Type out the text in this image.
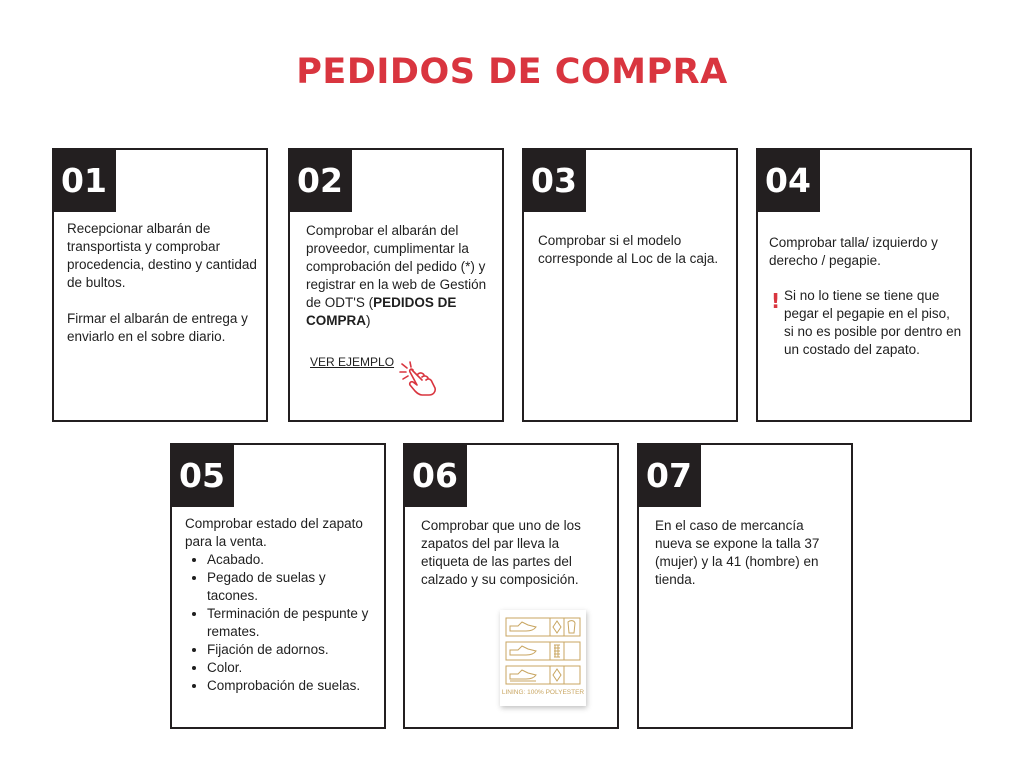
PEDIDOS DE COMPRA
01

Recepcionar albarán de transportista y comprobar procedencia, destino y cantidad de bultos.

Firmar el albarán de entrega y enviarlo en el sobre diario.

02

Comprobar el albarán del proveedor, cumplimentar la comprobación del pedido (*) y registrar en la web de Gestión de ODT'S (PEDIDOS DE COMPRA)

VER EJEMPLO
03
Comprobar si el modelo corresponde al Loc de la caja.
04
Comprobar talla/ izquierdo y derecho / pegapie.
! Si no lo tiene se tiene que pegar el pegapie en el piso, si no es posible por dentro en un costado del zapato.
05

Comprobar estado del zapato para la venta.

• Acabado.
• Pegado de suelas y tacones.
• Terminación de pespunte y remates.
• Fijación de adornos.
• Color.
• Comprobación de suelas.
06
Comprobar que uno de los zapatos del par lleva la etiqueta de las partes del calzado y su composición.
LINING: 100% POLYESTER
07
En el caso de mercancía nueva se expone la talla 37 (mujer) y la 41 (hombre) en tienda.
